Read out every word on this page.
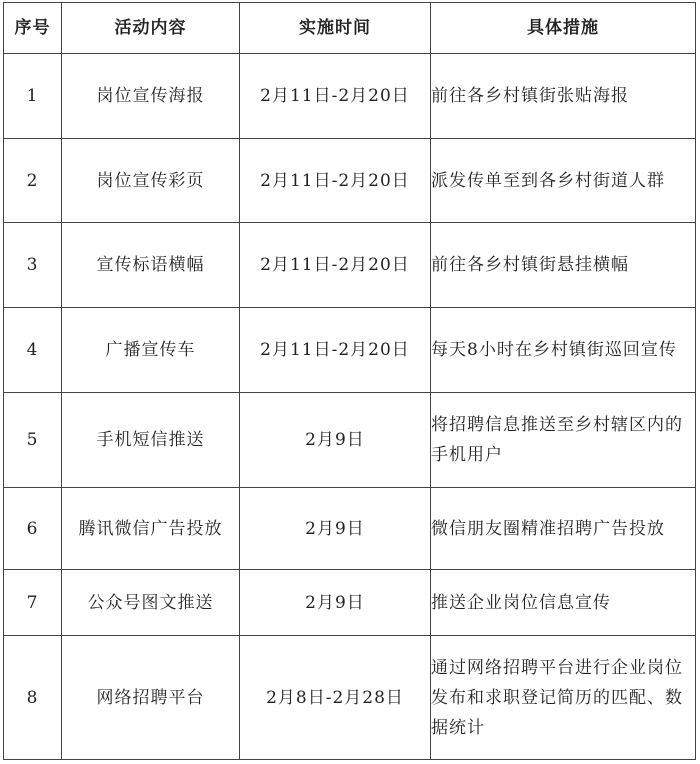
序号	活动内容	实施时间	具体措施
1	岗位宣传海报	2月11日-2月20日	前往各乡村镇街张贴海报
2	岗位宣传彩页	2月11日-2月20日	派发传单至到各乡村街道人群
3	宣传标语横幅	2月11日-2月20日	前往各乡村镇街悬挂横幅
4	广播宣传车	2月11日-2月20日	每天8小时在乡村镇街巡回宣传
5	手机短信推送	2月9日	将招聘信息推送至乡村辖区内的手机用户
6	腾讯微信广告投放	2月9日	微信朋友圈精准招聘广告投放
7	公众号图文推送	2月9日	推送企业岗位信息宣传
8	网络招聘平台	2月8日-2月28日	通过网络招聘平台进行企业岗位发布和求职登记简历的匹配、数据统计
